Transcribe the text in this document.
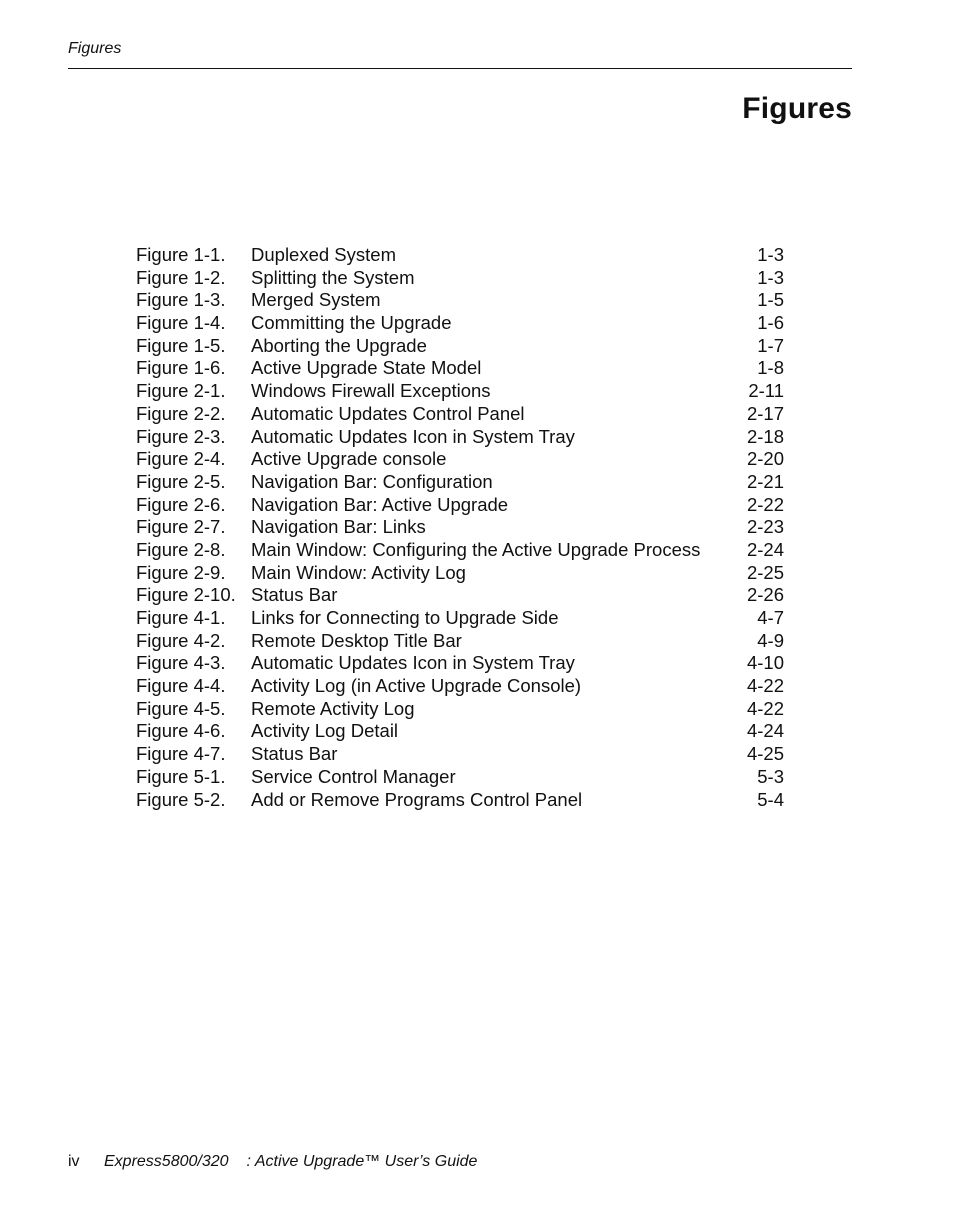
Figures
Figures
Figure 1-1. Duplexed System	1-3
Figure 1-2. Splitting the System	1-3
Figure 1-3. Merged System	1-5
Figure 1-4. Committing the Upgrade	1-6
Figure 1-5. Aborting the Upgrade	1-7
Figure 1-6. Active Upgrade State Model	1-8
Figure 2-1. Windows Firewall Exceptions	2-11
Figure 2-2. Automatic Updates Control Panel	2-17
Figure 2-3. Automatic Updates Icon in System Tray	2-18
Figure 2-4. Active Upgrade console	2-20
Figure 2-5. Navigation Bar: Configuration	2-21
Figure 2-6. Navigation Bar: Active Upgrade	2-22
Figure 2-7. Navigation Bar: Links	2-23
Figure 2-8. Main Window: Configuring the Active Upgrade Process	2-24
Figure 2-9. Main Window: Activity Log	2-25
Figure 2-10. Status Bar	2-26
Figure 4-1. Links for Connecting to Upgrade Side	4-7
Figure 4-2. Remote Desktop Title Bar	4-9
Figure 4-3. Automatic Updates Icon in System Tray	4-10
Figure 4-4. Activity Log (in Active Upgrade Console)	4-22
Figure 4-5. Remote Activity Log	4-22
Figure 4-6. Activity Log Detail	4-24
Figure 4-7. Status Bar	4-25
Figure 5-1. Service Control Manager	5-3
Figure 5-2. Add or Remove Programs Control Panel	5-4
iv Express5800/320 : Active Upgrade™ User’s Guide
